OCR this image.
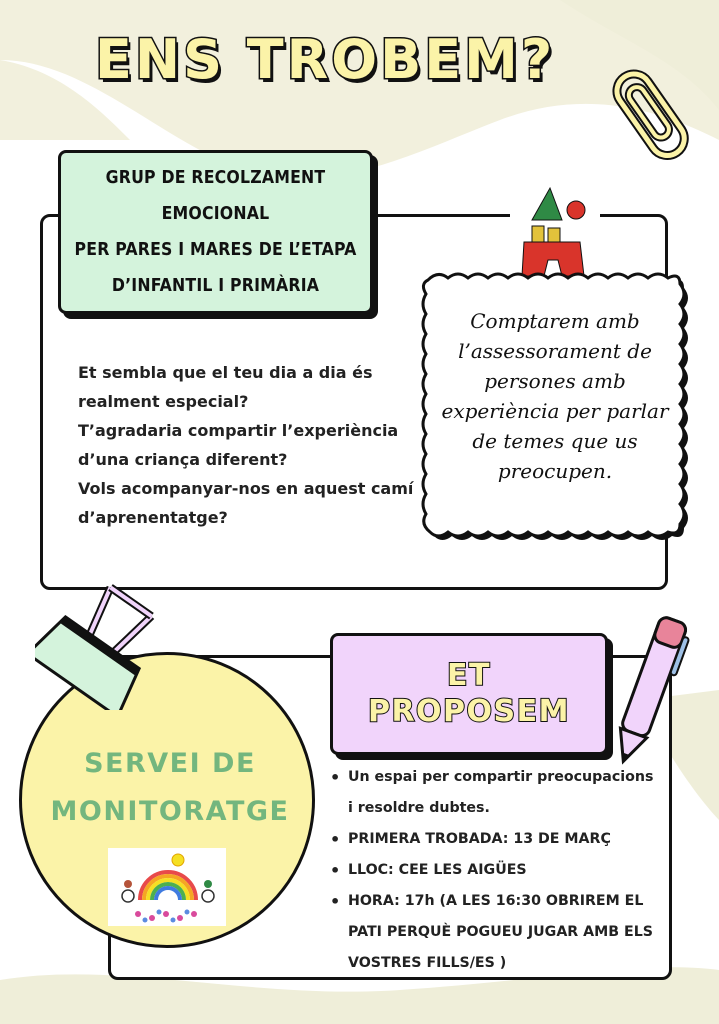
ENS TROBEM?
GRUP DE RECOLZAMENT EMOCIONAL
PER PARES I MARES DE L’ETAPA
D’INFANTIL I PRIMÀRIA
Comptarem amb l’assessorament de persones amb experiència per parlar de temes que us preocupen.
Et sembla que el teu dia a dia és realment especial?
T’agradaria compartir l’experiència d’una criança diferent?
Vols acompanyar-nos en aquest camí d’aprenentatge?
SERVEI DE MONITORATGE
ET
PROPOSEM
• Un espai per compartir preocupacions i resoldre dubtes.
• PRIMERA TROBADA: 13 DE MARÇ
• LLOC: CEE LES AIGÜES
• HORA: 17h (A LES 16:30 OBRIREM EL PATI PERQUÈ POGUEU JUGAR AMB ELS VOSTRES FILLS/ES )
